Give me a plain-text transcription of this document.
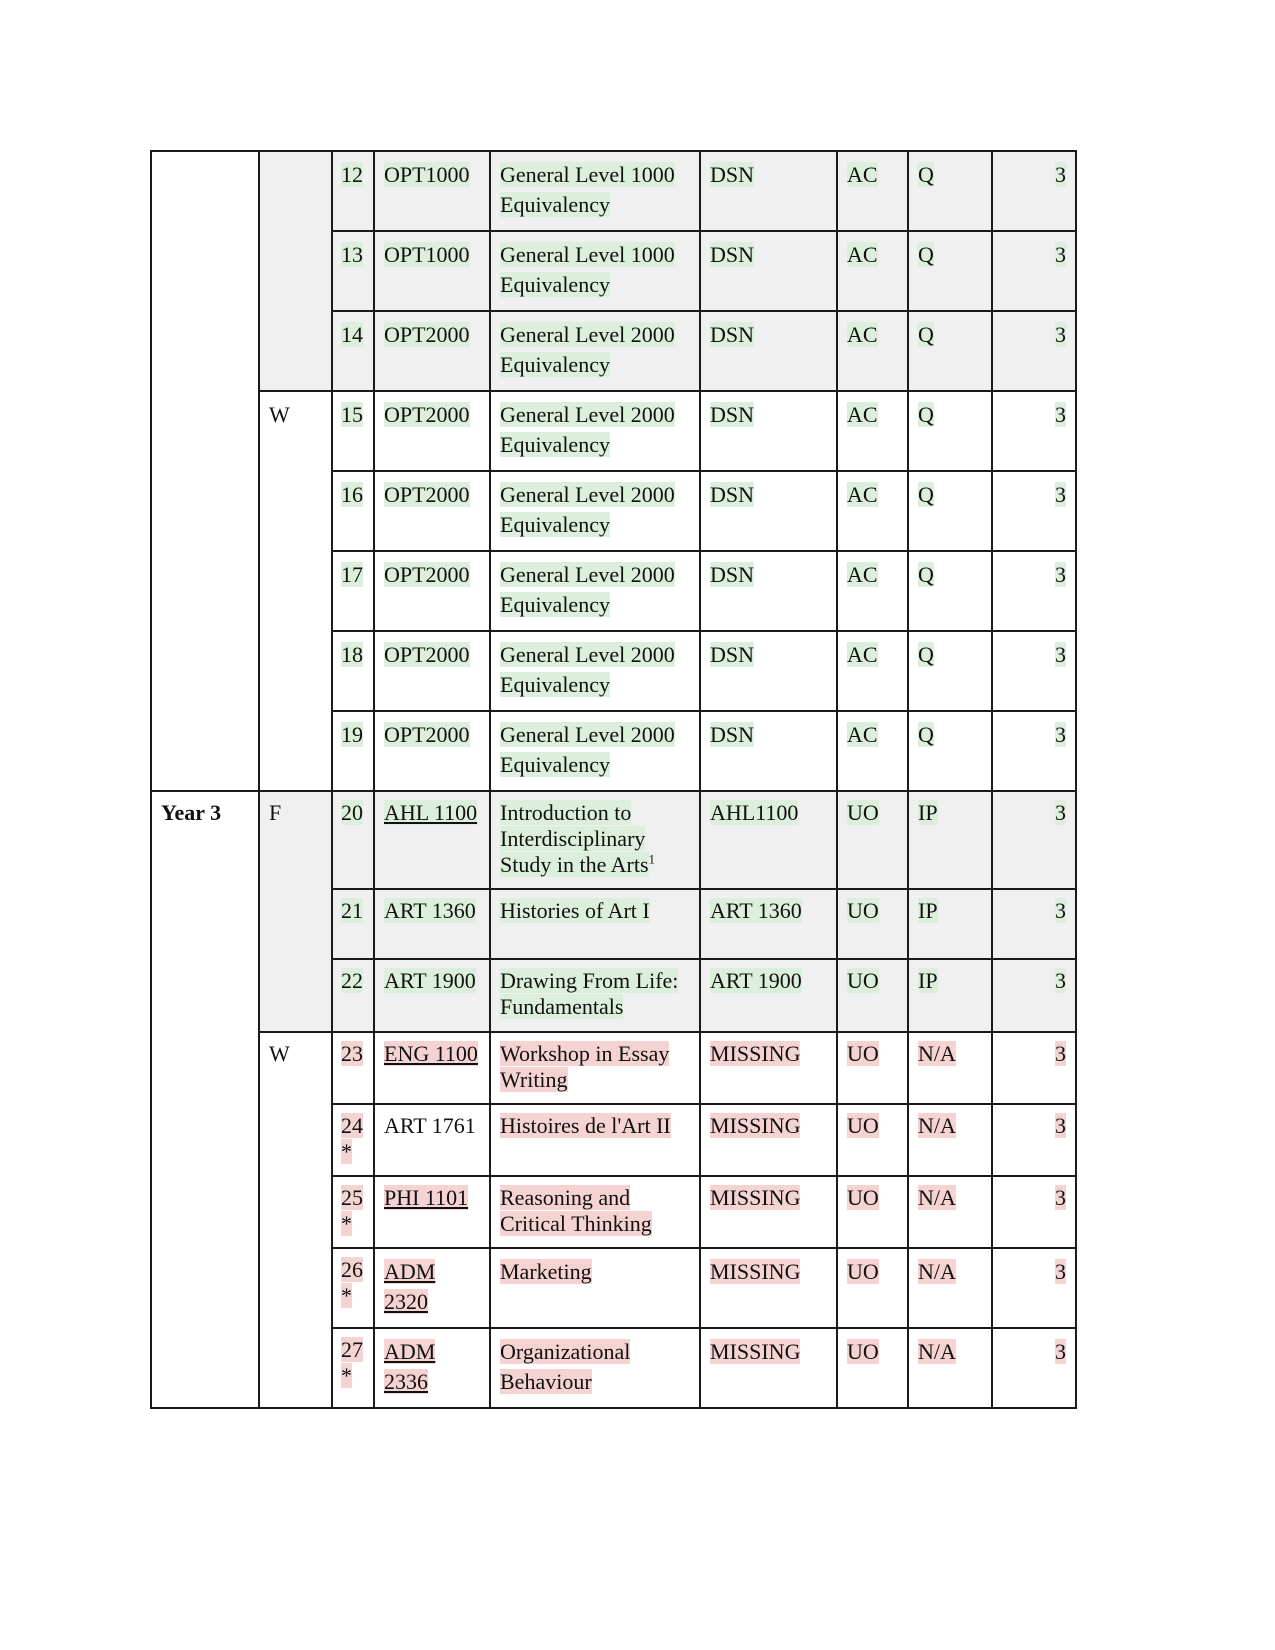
		12	OPT1000	General Level 1000 Equivalency	DSN	AC	Q	3
		13	OPT1000	General Level 1000 Equivalency	DSN	AC	Q	3
		14	OPT2000	General Level 2000 Equivalency	DSN	AC	Q	3
	W	15	OPT2000	General Level 2000 Equivalency	DSN	AC	Q	3
		16	OPT2000	General Level 2000 Equivalency	DSN	AC	Q	3
		17	OPT2000	General Level 2000 Equivalency	DSN	AC	Q	3
		18	OPT2000	General Level 2000 Equivalency	DSN	AC	Q	3
		19	OPT2000	General Level 2000 Equivalency	DSN	AC	Q	3
Year 3	F	20	AHL 1100	Introduction to Interdisciplinary Study in the Arts$^1$	AHL1100	UO	IP	3
		21	ART 1360	Histories of Art I	ART 1360	UO	IP	3
		22	ART 1900	Drawing From Life: Fundamentals	ART 1900	UO	IP	3
	W	23	ENG 1100	Workshop in Essay Writing	MISSING	UO	N/A	3
		24 *	ART 1761	Histoires de l'Art II	MISSING	UO	N/A	3
		25 *	PHI 1101	Reasoning and Critical Thinking	MISSING	UO	N/A	3
		26 *	ADM 2320	Marketing	MISSING	UO	N/A	3
		27 *	ADM 2336	Organizational Behaviour	MISSING	UO	N/A	3
